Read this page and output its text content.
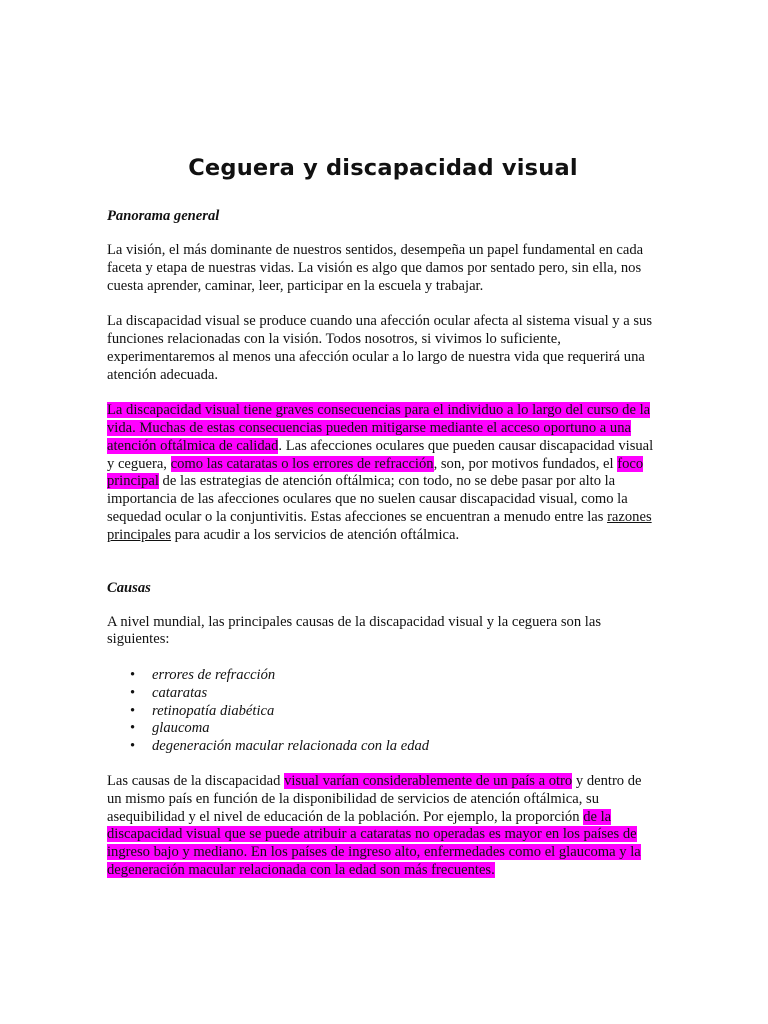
Ceguera y discapacidad visual
Panorama general

La visión, el más dominante de nuestros sentidos, desempeña un papel fundamental en cada faceta y etapa de nuestras vidas. La visión es algo que damos por sentado pero, sin ella, nos cuesta aprender, caminar, leer, participar en la escuela y trabajar.

La discapacidad visual se produce cuando una afección ocular afecta al sistema visual y a sus funciones relacionadas con la visión. Todos nosotros, si vivimos lo suficiente, experimentaremos al menos una afección ocular a lo largo de nuestra vida que requerirá una atención adecuada.

La discapacidad visual tiene graves consecuencias para el individuo a lo largo del curso de la vida. Muchas de estas consecuencias pueden mitigarse mediante el acceso oportuno a una atención oftálmica de calidad. Las afecciones oculares que pueden causar discapacidad visual y ceguera, como las cataratas o los errores de refracción, son, por motivos fundados, el foco principal de las estrategias de atención oftálmica; con todo, no se debe pasar por alto la importancia de las afecciones oculares que no suelen causar discapacidad visual, como la sequedad ocular o la conjuntivitis. Estas afecciones se encuentran a menudo entre las razones principales para acudir a los servicios de atención oftálmica.

Causas

A nivel mundial, las principales causas de la discapacidad visual y la ceguera son las siguientes:

• errores de refracción
• cataratas
• retinopatía diabética
• glaucoma
• degeneración macular relacionada con la edad

Las causas de la discapacidad visual varían considerablemente de un país a otro y dentro de un mismo país en función de la disponibilidad de servicios de atención oftálmica, su asequibilidad y el nivel de educación de la población. Por ejemplo, la proporción de la discapacidad visual que se puede atribuir a cataratas no operadas es mayor en los países de ingreso bajo y mediano. En los países de ingreso alto, enfermedades como el glaucoma y la degeneración macular relacionada con la edad son más frecuentes.
